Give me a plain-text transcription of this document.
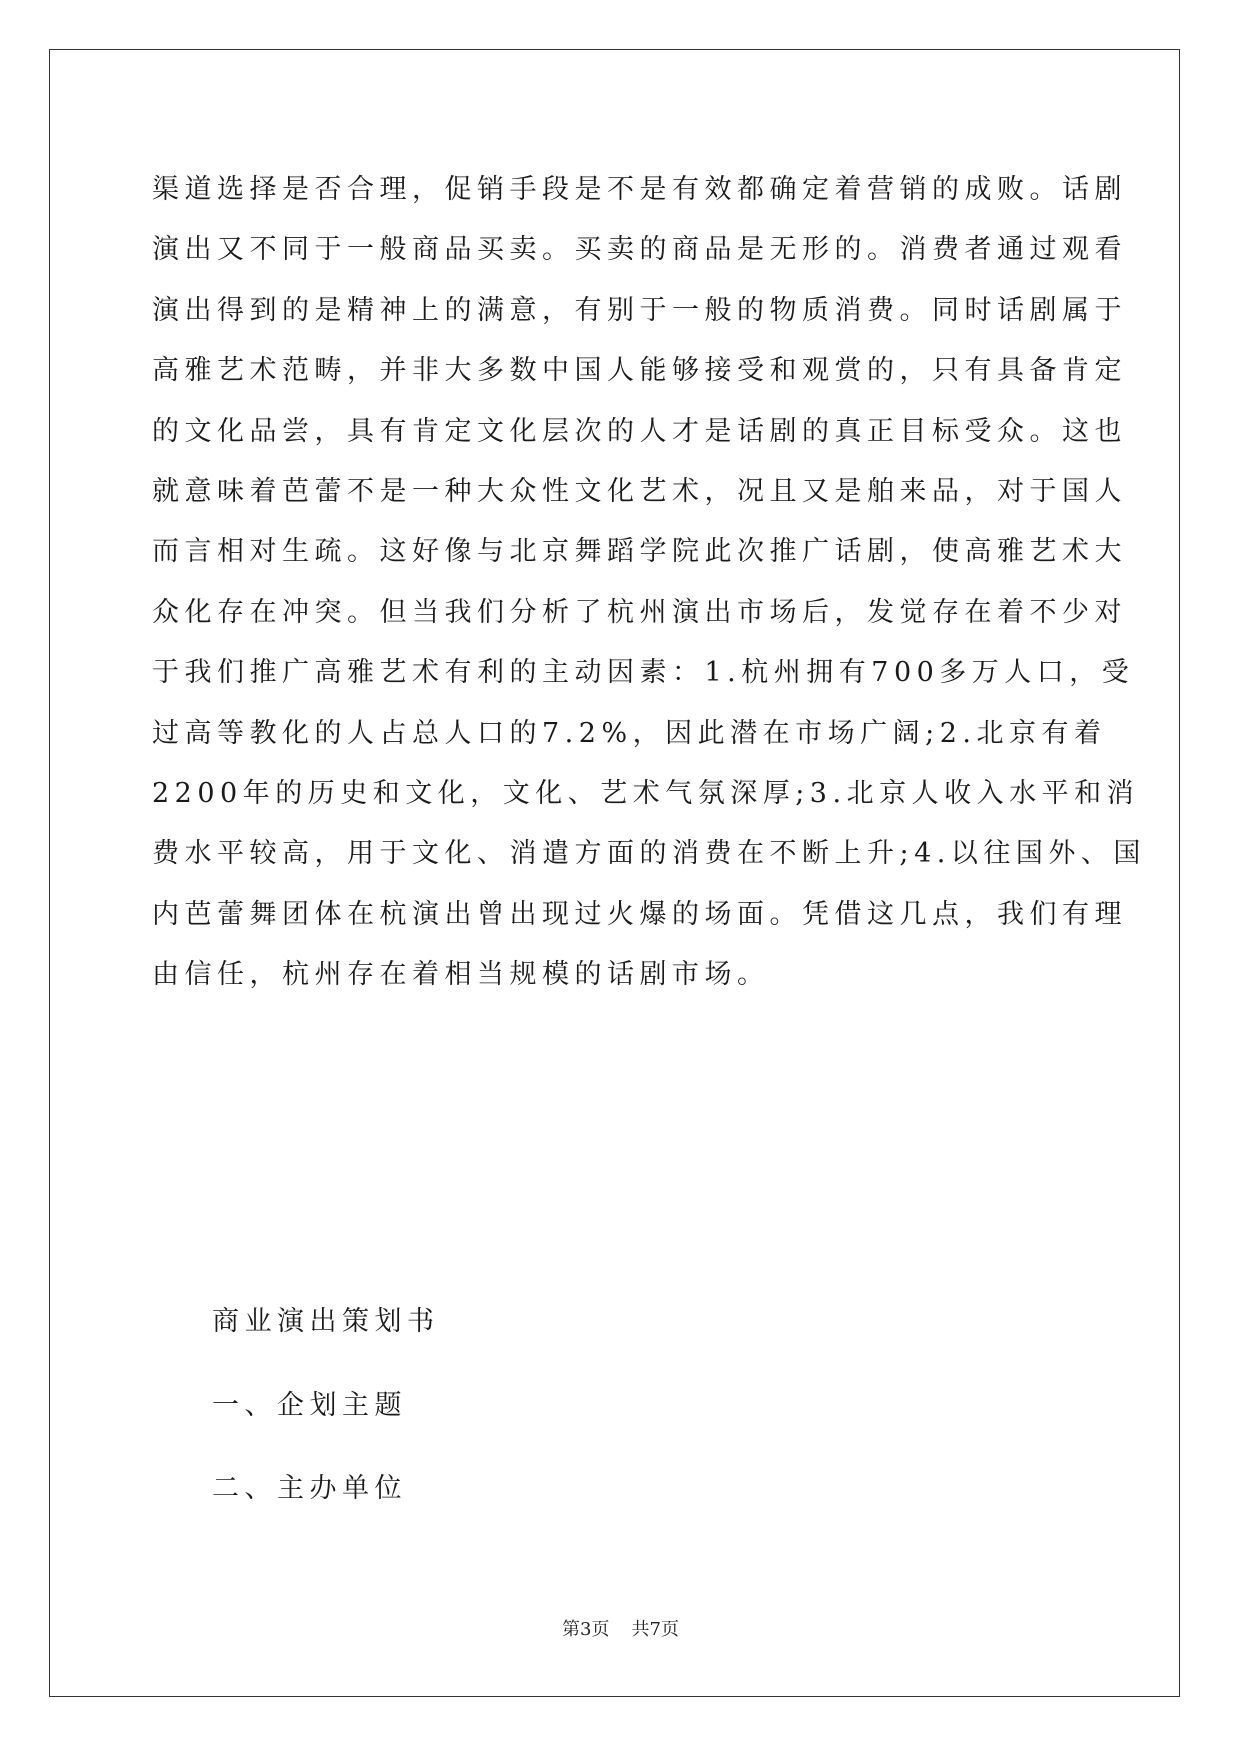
渠道选择是否合理，促销手段是不是有效都确定着营销的成败。话剧
演出又不同于一般商品买卖。买卖的商品是无形的。消费者通过观看
演出得到的是精神上的满意，有别于一般的物质消费。同时话剧属于
高雅艺术范畴，并非大多数中国人能够接受和观赏的，只有具备肯定
的文化品尝，具有肯定文化层次的人才是话剧的真正目标受众。这也
就意味着芭蕾不是一种大众性文化艺术，况且又是舶来品，对于国人
而言相对生疏。这好像与北京舞蹈学院此次推广话剧，使高雅艺术大
众化存在冲突。但当我们分析了杭州演出市场后，发觉存在着不少对
于我们推广高雅艺术有利的主动因素：1.杭州拥有700多万人口，受
过高等教化的人占总人口的7.2%，因此潜在市场广阔;2.北京有着
2200年的历史和文化，文化、艺术气氛深厚;3.北京人收入水平和消
费水平较高，用于文化、消遣方面的消费在不断上升;4.以往国外、国
内芭蕾舞团体在杭演出曾出现过火爆的场面。凭借这几点，我们有理
由信任，杭州存在着相当规模的话剧市场。
商业演出策划书
一、企划主题
二、主办单位
第3页 共7页
